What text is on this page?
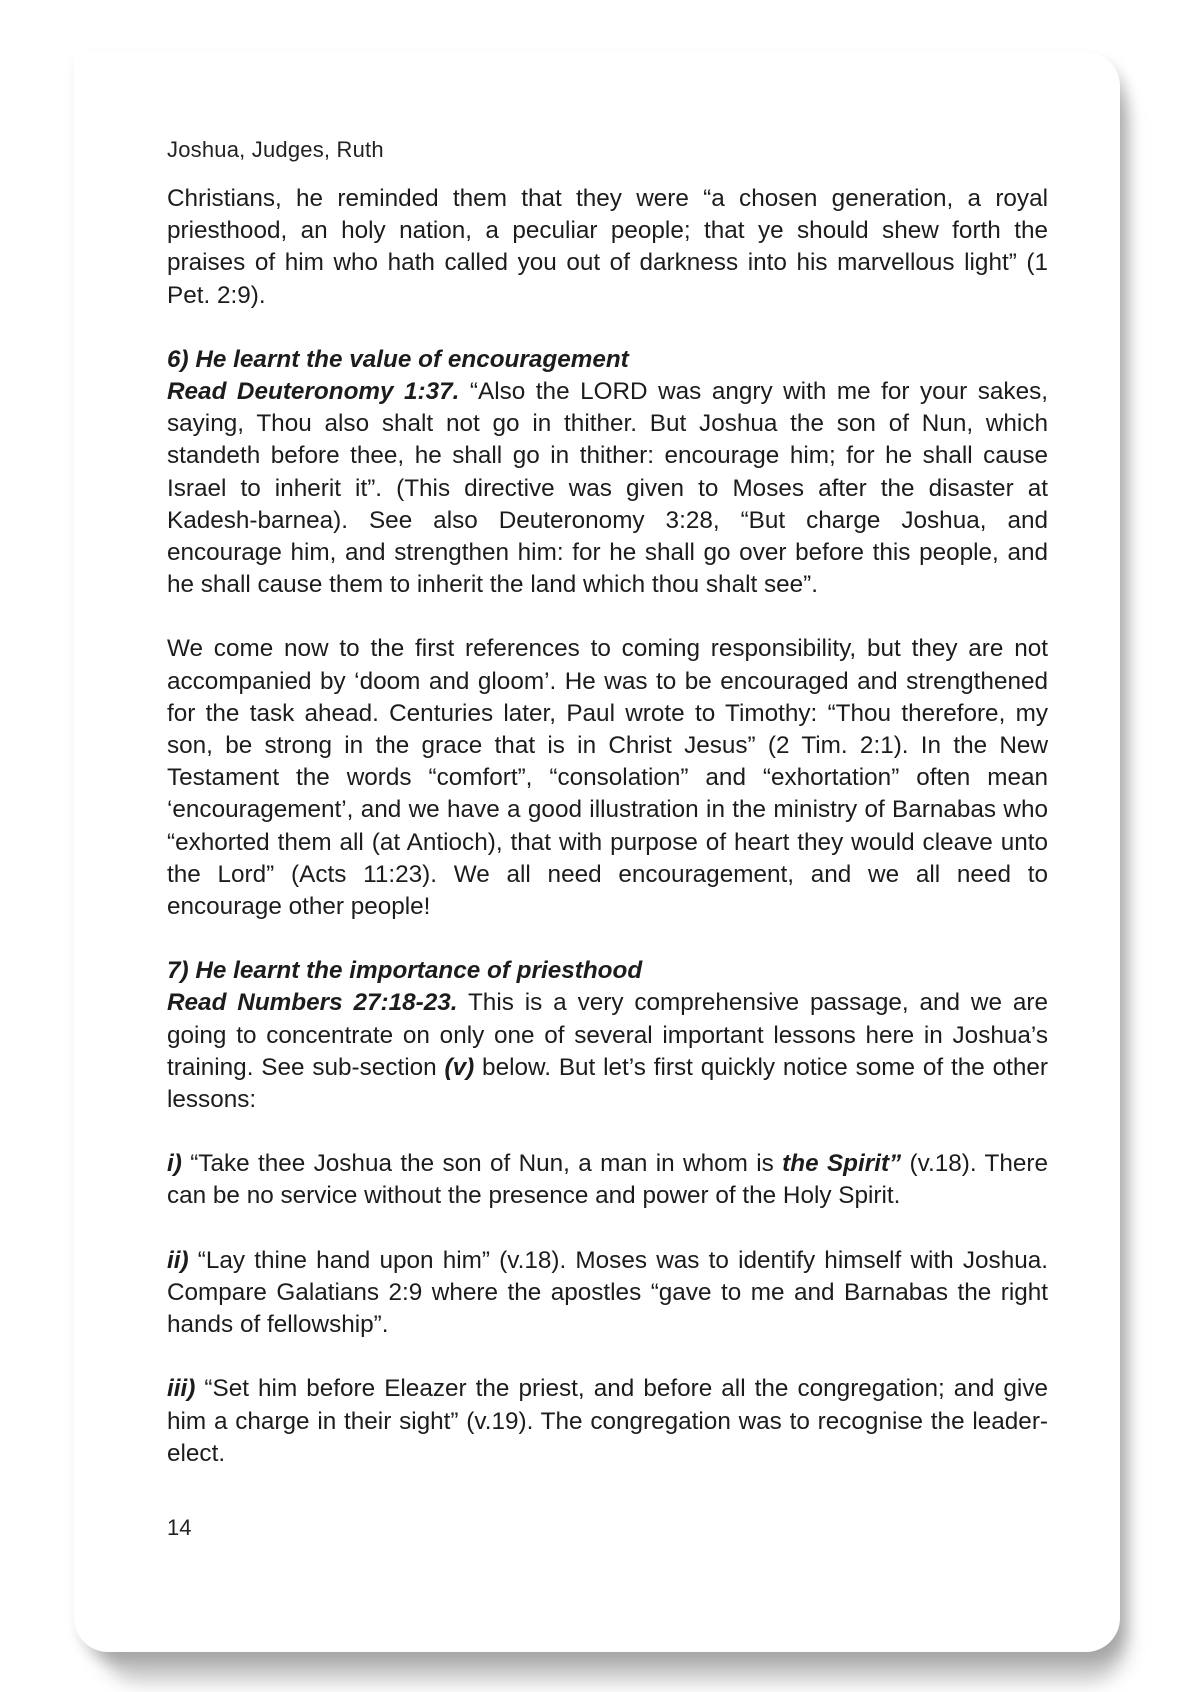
Joshua, Judges, Ruth

Christians, he reminded them that they were “a chosen generation, a royal priesthood, an holy nation, a peculiar people; that ye should shew forth the praises of him who hath called you out of darkness into his marvellous light” (1 Pet. 2:9).

6) He learnt the value of encouragement
Read Deuteronomy 1:37. “Also the LORD was angry with me for your sakes, saying, Thou also shalt not go in thither. But Joshua the son of Nun, which standeth before thee, he shall go in thither: encourage him; for he shall cause Israel to inherit it”. (This directive was given to Moses after the disaster at Kadesh-barnea). See also Deuteronomy 3:28, “But charge Joshua, and encourage him, and strengthen him: for he shall go over before this people, and he shall cause them to inherit the land which thou shalt see”.

We come now to the first references to coming responsibility, but they are not accompanied by ‘doom and gloom’. He was to be encouraged and strengthened for the task ahead. Centuries later, Paul wrote to Timothy: “Thou therefore, my son, be strong in the grace that is in Christ Jesus” (2 Tim. 2:1). In the New Testament the words “comfort”, “consolation” and “exhortation” often mean ‘encouragement’, and we have a good illustration in the ministry of Barnabas who “exhorted them all (at Antioch), that with purpose of heart they would cleave unto the Lord” (Acts 11:23). We all need encouragement, and we all need to encourage other people!

7) He learnt the importance of priesthood
Read Numbers 27:18-23. This is a very comprehensive passage, and we are going to concentrate on only one of several important lessons here in Joshua’s training. See sub-section (v) below. But let’s first quickly notice some of the other lessons:

i) “Take thee Joshua the son of Nun, a man in whom is the Spirit” (v.18). There can be no service without the presence and power of the Holy Spirit.

ii) “Lay thine hand upon him” (v.18). Moses was to identify himself with Joshua. Compare Galatians 2:9 where the apostles “gave to me and Barnabas the right hands of fellowship”.

iii) “Set him before Eleazer the priest, and before all the congregation; and give him a charge in their sight” (v.19). The congregation was to recognise the leader-elect.

14
